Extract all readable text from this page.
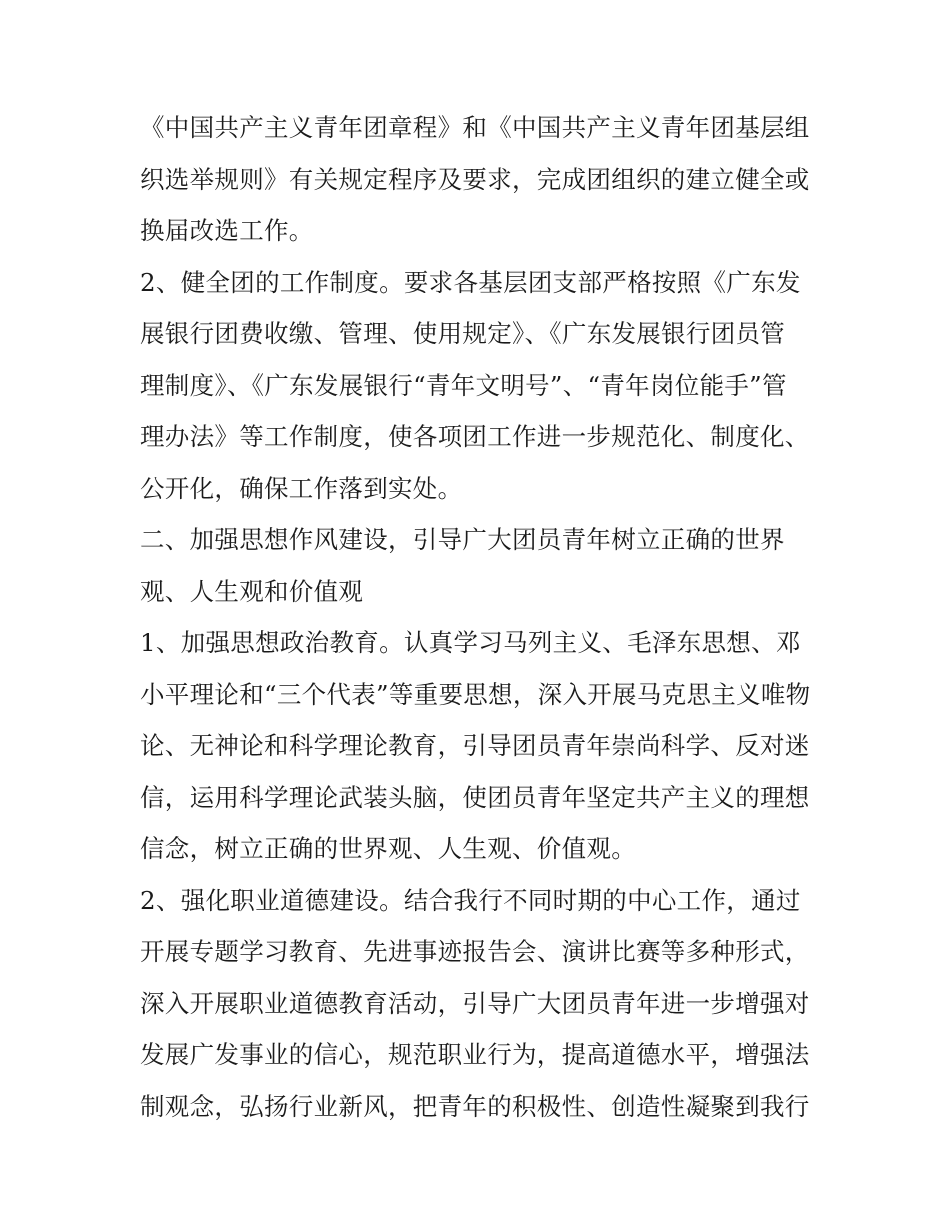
《中国共产主义青年团章程》和《中国共产主义青年团基层组
织选举规则》有关规定程序及要求，完成团组织的建立健全或
换届改选工作。
2、健全团的工作制度。要求各基层团支部严格按照《广东发
展银行团费收缴、管理、使用规定》、《广东发展银行团员管
理制度》、《广东发展银行“青年文明号”、“青年岗位能手”管
理办法》等工作制度，使各项团工作进一步规范化、制度化、
公开化，确保工作落到实处。
二、加强思想作风建设，引导广大团员青年树立正确的世界
观、人生观和价值观
1、加强思想政治教育。认真学习马列主义、毛泽东思想、邓
小平理论和“三个代表”等重要思想，深入开展马克思主义唯物
论、无神论和科学理论教育，引导团员青年崇尚科学、反对迷
信，运用科学理论武装头脑，使团员青年坚定共产主义的理想
信念，树立正确的世界观、人生观、价值观。
2、强化职业道德建设。结合我行不同时期的中心工作，通过
开展专题学习教育、先进事迹报告会、演讲比赛等多种形式，
深入开展职业道德教育活动，引导广大团员青年进一步增强对
发展广发事业的信心，规范职业行为，提高道德水平，增强法
制观念，弘扬行业新风，把青年的积极性、创造性凝聚到我行
